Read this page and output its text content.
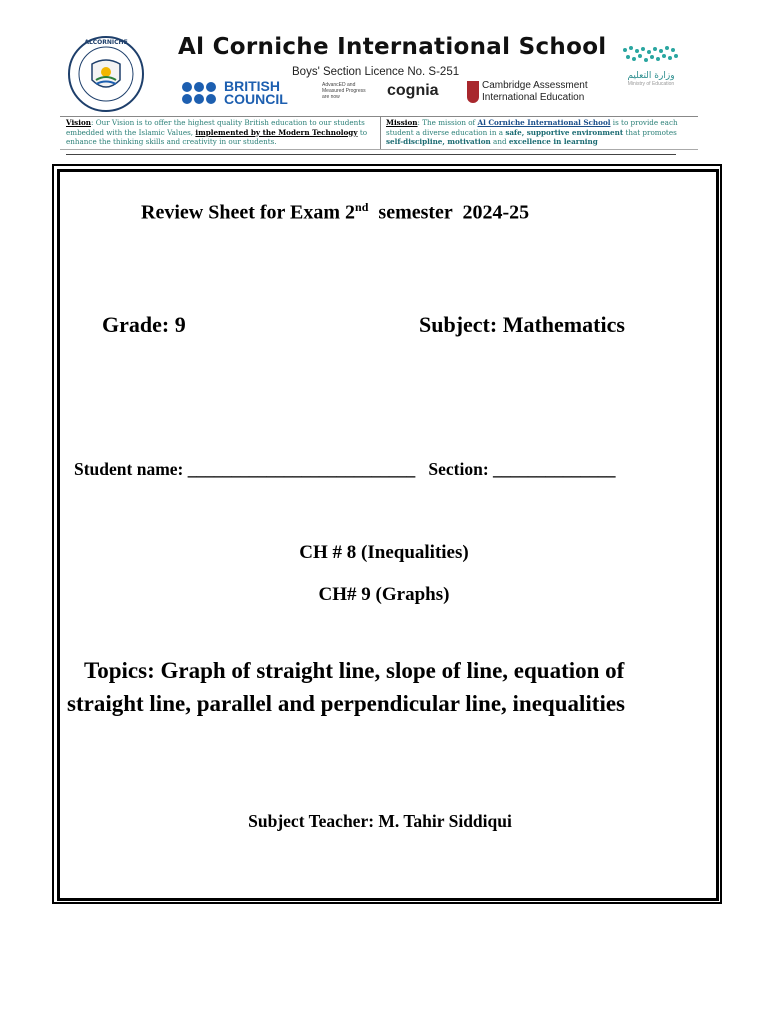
ALCORNICHE Al Corniche International School
Boys' Section Licence No. S-251
BRITISH COUNCIL
AdvancED and Measured Progress are now	cognia	Cambridge Assessment International Education
وزارة التعليم
Ministry of Education
Vision: Our Vision is to offer the highest quality British education to our students embedded with the Islamic Values, implemented by the Modern Technology to enhance the thinking skills and creativity in our students.
Mission: The mission of Al Corniche International School is to provide each student a diverse education in a safe, supportive environment that promotes self-discipline, motivation and excellence in learning
Review Sheet for Exam 2nd  semester  2024-25
Grade: 9	Subject: Mathematics
Student name: __________________________   Section: ______________
CH # 8 (Inequalities)
CH# 9 (Graphs)
Topics: Graph of straight line, slope of line, equation of
straight line, parallel and perpendicular line, inequalities
Subject Teacher: M. Tahir Siddiqui
